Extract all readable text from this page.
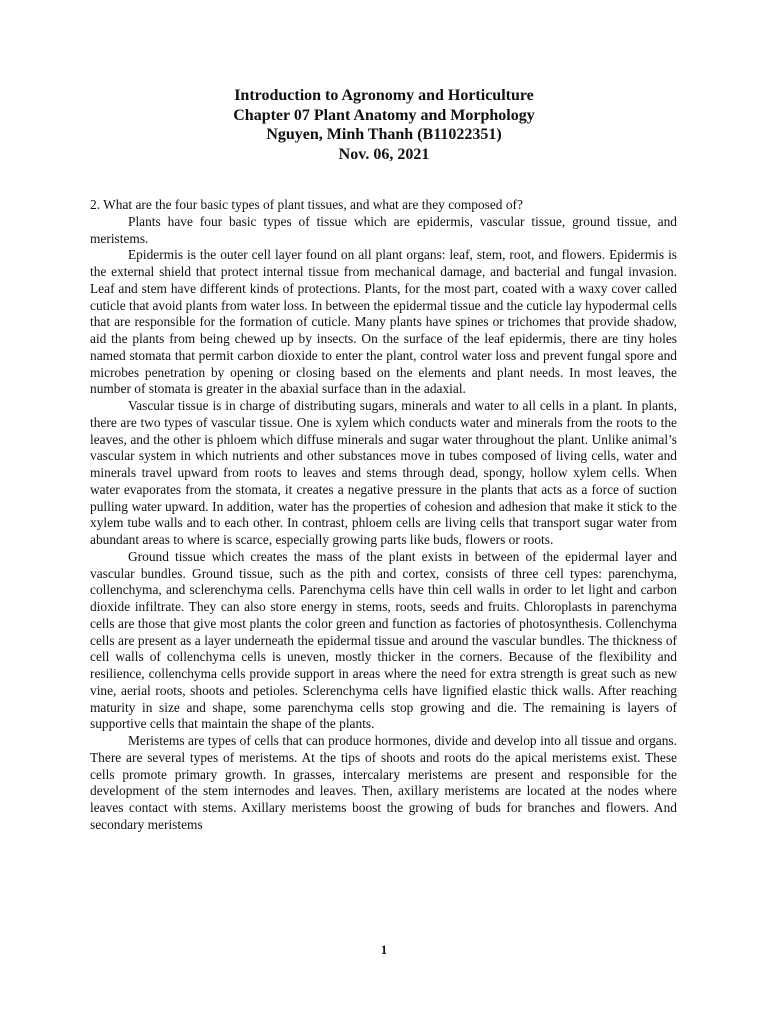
Introduction to Agronomy and Horticulture
Chapter 07 Plant Anatomy and Morphology
Nguyen, Minh Thanh (B11022351)
Nov. 06, 2021

2. What are the four basic types of plant tissues, and what are they composed of?

Plants have four basic types of tissue which are epidermis, vascular tissue, ground tissue, and meristems.

Epidermis is the outer cell layer found on all plant organs: leaf, stem, root, and flowers. Epidermis is the external shield that protect internal tissue from mechanical damage, and bacterial and fungal invasion. Leaf and stem have different kinds of protections. Plants, for the most part, coated with a waxy cover called cuticle that avoid plants from water loss. In between the epidermal tissue and the cuticle lay hypodermal cells that are responsible for the formation of cuticle. Many plants have spines or trichomes that provide shadow, aid the plants from being chewed up by insects. On the surface of the leaf epidermis, there are tiny holes named stomata that permit carbon dioxide to enter the plant, control water loss and prevent fungal spore and microbes penetration by opening or closing based on the elements and plant needs. In most leaves, the number of stomata is greater in the abaxial surface than in the adaxial.

Vascular tissue is in charge of distributing sugars, minerals and water to all cells in a plant. In plants, there are two types of vascular tissue. One is xylem which conducts water and minerals from the roots to the leaves, and the other is phloem which diffuse minerals and sugar water throughout the plant. Unlike animal’s vascular system in which nutrients and other substances move in tubes composed of living cells, water and minerals travel upward from roots to leaves and stems through dead, spongy, hollow xylem cells. When water evaporates from the stomata, it creates a negative pressure in the plants that acts as a force of suction pulling water upward. In addition, water has the properties of cohesion and adhesion that make it stick to the xylem tube walls and to each other. In contrast, phloem cells are living cells that transport sugar water from abundant areas to where is scarce, especially growing parts like buds, flowers or roots.

Ground tissue which creates the mass of the plant exists in between of the epidermal layer and vascular bundles. Ground tissue, such as the pith and cortex, consists of three cell types: parenchyma, collenchyma, and sclerenchyma cells. Parenchyma cells have thin cell walls in order to let light and carbon dioxide infiltrate. They can also store energy in stems, roots, seeds and fruits. Chloroplasts in parenchyma cells are those that give most plants the color green and function as factories of photosynthesis. Collenchyma cells are present as a layer underneath the epidermal tissue and around the vascular bundles. The thickness of cell walls of collenchyma cells is uneven, mostly thicker in the corners. Because of the flexibility and resilience, collenchyma cells provide support in areas where the need for extra strength is great such as new vine, aerial roots, shoots and petioles. Sclerenchyma cells have lignified elastic thick walls. After reaching maturity in size and shape, some parenchyma cells stop growing and die. The remaining is layers of supportive cells that maintain the shape of the plants.

Meristems are types of cells that can produce hormones, divide and develop into all tissue and organs. There are several types of meristems. At the tips of shoots and roots do the apical meristems exist. These cells promote primary growth. In grasses, intercalary meristems are present and responsible for the development of the stem internodes and leaves. Then, axillary meristems are located at the nodes where leaves contact with stems. Axillary meristems boost the growing of buds for branches and flowers. And secondary meristems

1
